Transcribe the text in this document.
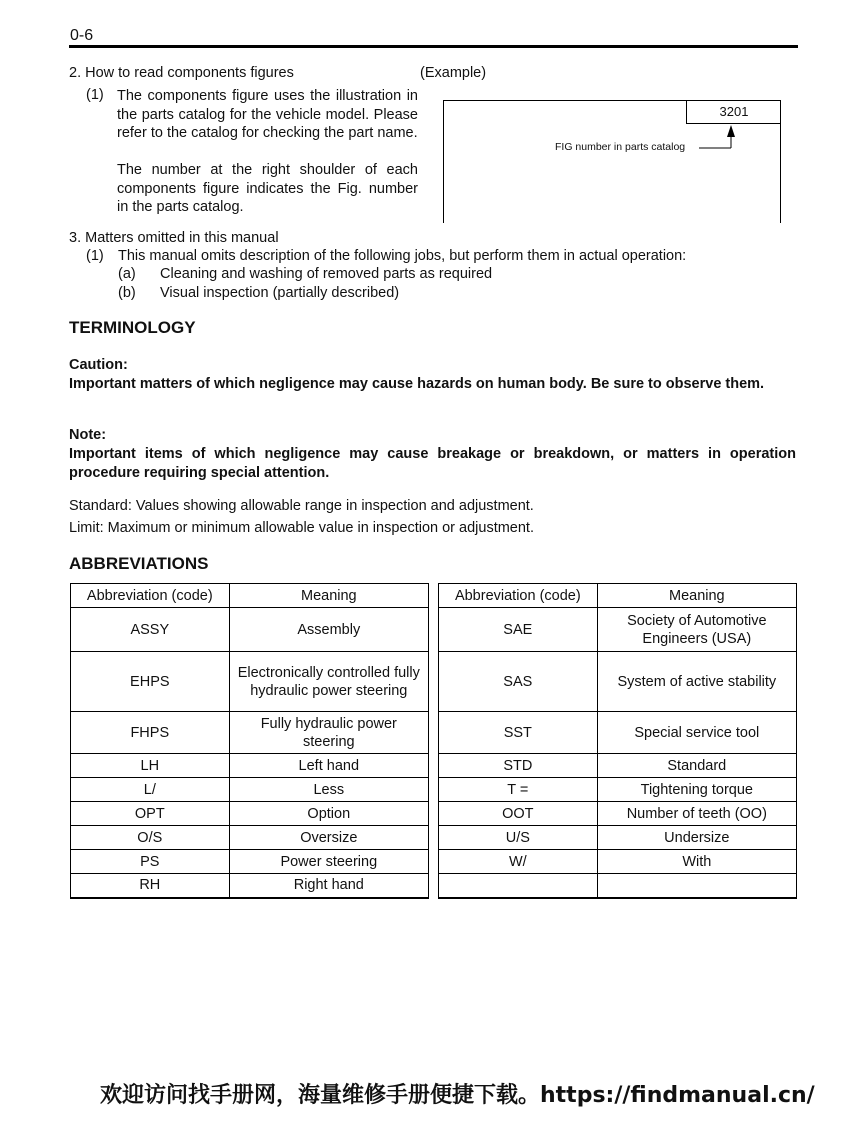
0-6
2. How to read components figures	(Example)
(1) The components figure uses the illustration in the parts catalog for the vehicle model. Please refer to the catalog for checking the part name.
The number at the right shoulder of each components figure indicates the Fig. number in the parts catalog.
3201
FIG number in parts catalog
3. Matters omitted in this manual
(1) This manual omits description of the following jobs, but perform them in actual operation:
(a) Cleaning and washing of removed parts as required
(b) Visual inspection (partially described)
TERMINOLOGY
Caution:
Important matters of which negligence may cause hazards on human body. Be sure to observe them.
Note:
Important items of which negligence may cause breakage or breakdown, or matters in operation procedure requiring special attention.
Standard: Values showing allowable range in inspection and adjustment.
Limit: Maximum or minimum allowable value in inspection or adjustment.
ABBREVIATIONS
Abbreviation (code)	Meaning
ASSY	Assembly
EHPS	Electronically controlled fully hydraulic power steering
FHPS	Fully hydraulic power steering
LH	Left hand
L/	Less
OPT	Option
O/S	Oversize
PS	Power steering
RH	Right hand
Abbreviation (code)	Meaning
SAE	Society of Automotive Engineers (USA)
SAS	System of active stability
SST	Special service tool
STD	Standard
T =	Tightening torque
OOT	Number of teeth (OO)
U/S	Undersize
W/	With

欢迎访问找手册网，海量维修手册便捷下载。https://findmanual.cn/
